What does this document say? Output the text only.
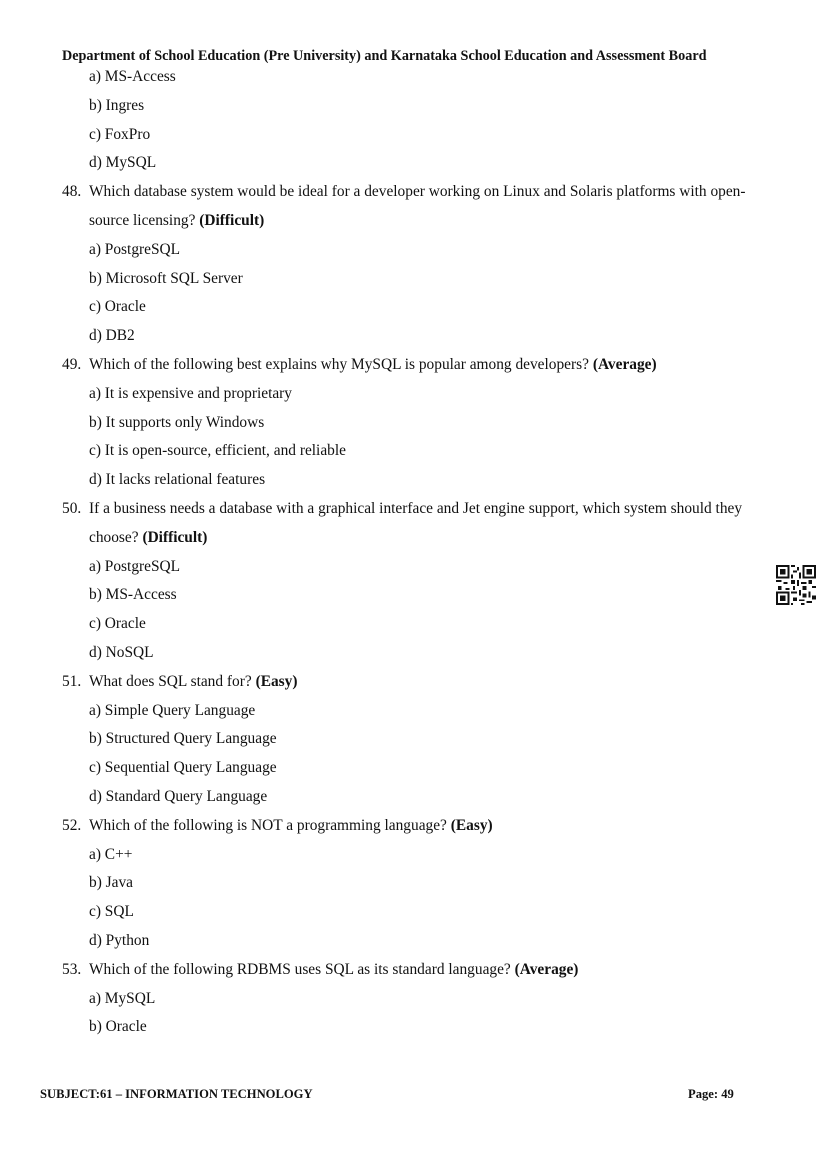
Department of School Education (Pre University) and Karnataka School Education and Assessment Board
a) MS-Access
b) Ingres
c) FoxPro
d) MySQL
48. Which database system would be ideal for a developer working on Linux and Solaris platforms with open-
source licensing? (Difficult)
a) PostgreSQL
b) Microsoft SQL Server
c) Oracle
d) DB2
49. Which of the following best explains why MySQL is popular among developers? (Average)
a) It is expensive and proprietary
b) It supports only Windows
c) It is open-source, efficient, and reliable
d) It lacks relational features
50. If a business needs a database with a graphical interface and Jet engine support, which system should they
choose? (Difficult)
a) PostgreSQL
b) MS-Access
c) Oracle
d) NoSQL
51. What does SQL stand for? (Easy)
a) Simple Query Language
b) Structured Query Language
c) Sequential Query Language
d) Standard Query Language
52. Which of the following is NOT a programming language? (Easy)
a) C++
b) Java
c) SQL
d) Python
53. Which of the following RDBMS uses SQL as its standard language? (Average)
a) MySQL
b) Oracle
SUBJECT:61 – INFORMATION TECHNOLOGY	Page: 49
